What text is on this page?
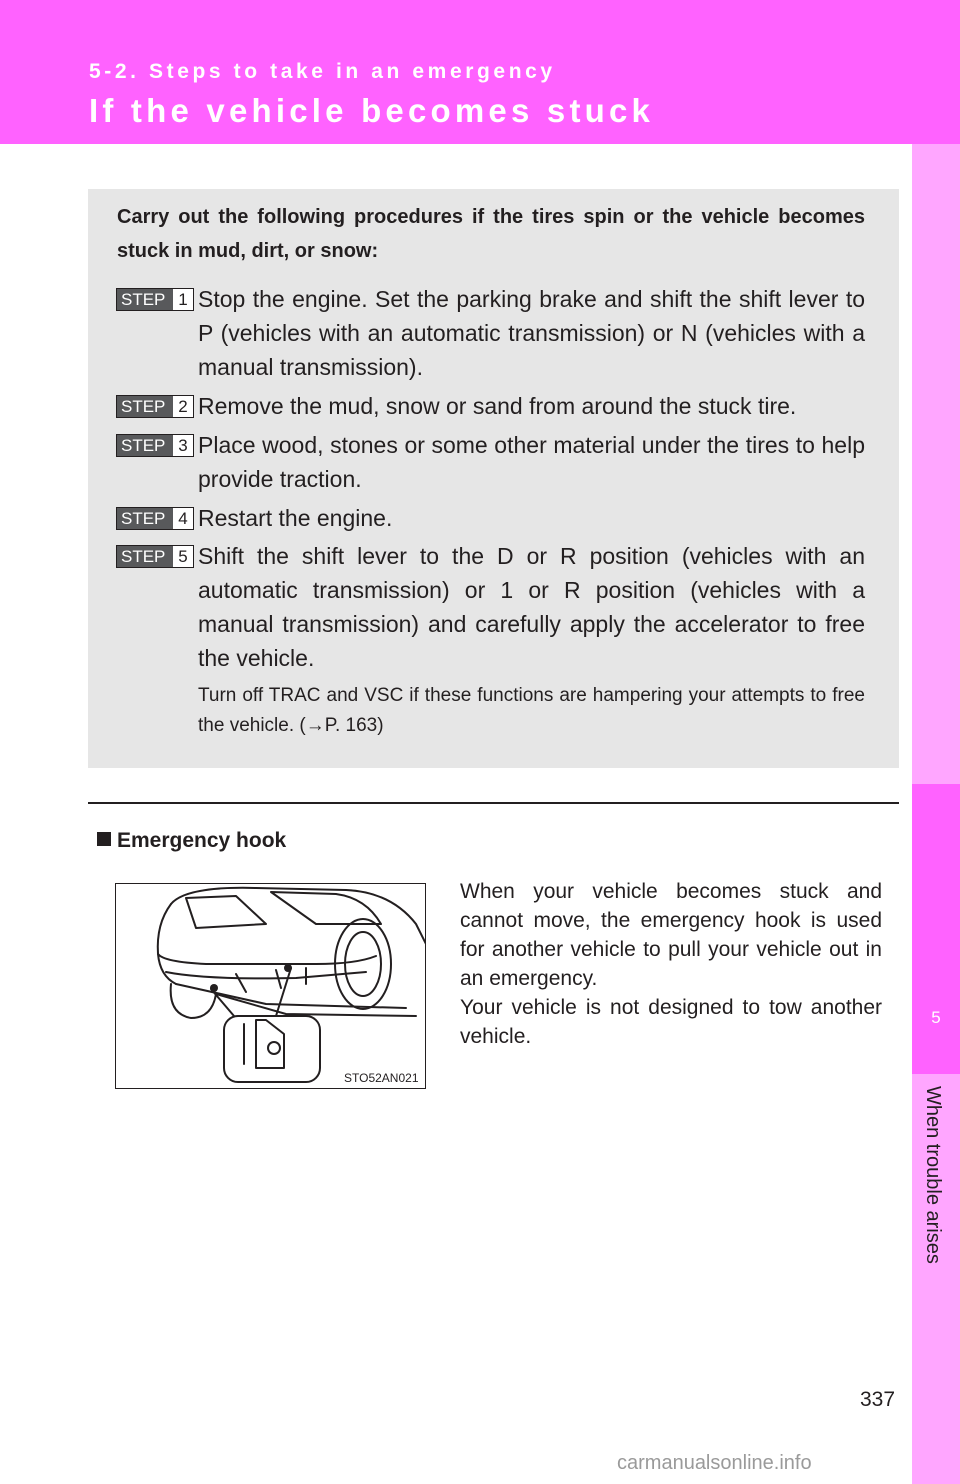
5-2. Steps to take in an emergency
If the vehicle becomes stuck
5
When trouble arises
Carry out the following procedures if the tires spin or the vehicle becomes stuck in mud, dirt, or snow:
STEP 1 Stop the engine. Set the parking brake and shift the shift lever to P (vehicles with an automatic transmission) or N (vehicles with a manual transmission).
STEP 2 Remove the mud, snow or sand from around the stuck tire.
STEP 3 Place wood, stones or some other material under the tires to help provide traction.
STEP 4 Restart the engine.
STEP 5 Shift the shift lever to the D or R position (vehicles with an automatic transmission) or 1 or R position (vehicles with a manual transmission) and carefully apply the accelerator to free the vehicle.
Turn off TRAC and VSC if these functions are hampering your attempts to free the vehicle. (→P. 163)
Emergency hook
STO52AN021

When your vehicle becomes stuck and cannot move, the emergency hook is used for another vehicle to pull your vehicle out in an emergency.

Your vehicle is not designed to tow another vehicle.

337
carmanualsonline.info
